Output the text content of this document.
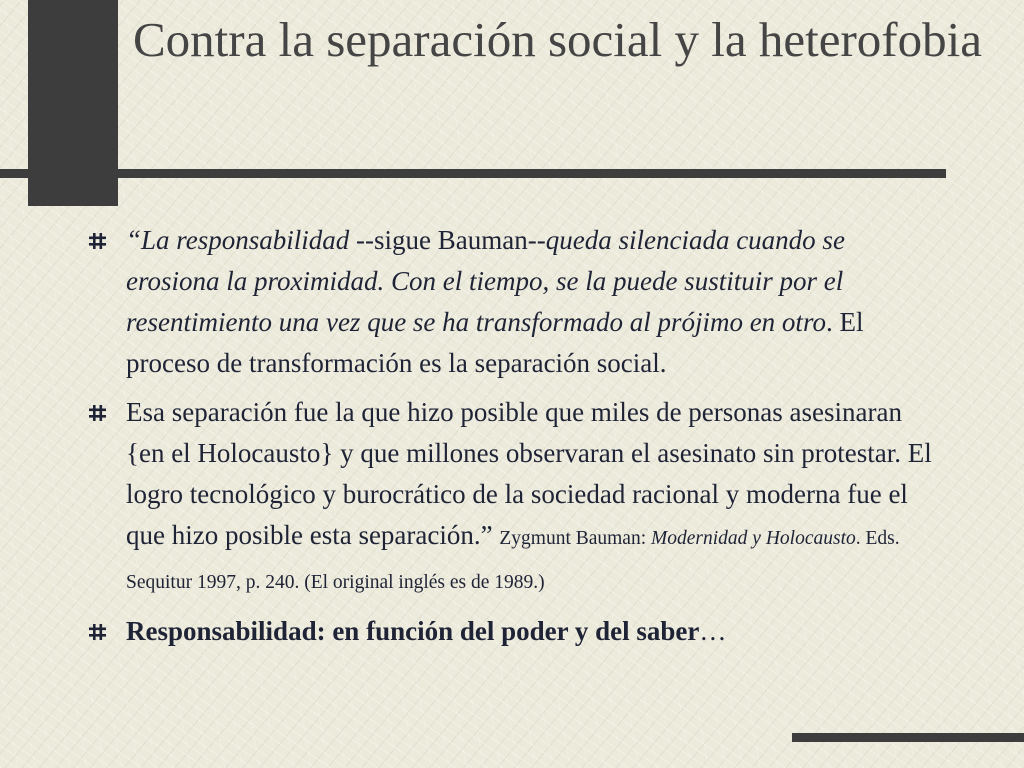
Contra la separación social y la heterofobia
“La responsabilidad --sigue Bauman--queda silenciada cuando se erosiona la proximidad. Con el tiempo, se la puede sustituir por el resentimiento una vez que se ha transformado al prójimo en otro. El proceso de transformación es la separación social.
Esa separación fue la que hizo posible que miles de personas asesinaran {en el Holocausto} y que millones observaran el asesinato sin protestar. El logro tecnológico y burocrático de la sociedad racional y moderna fue el que hizo posible esta separación.” Zygmunt Bauman: Modernidad y Holocausto. Eds. Sequitur 1997, p. 240. (El original inglés es de 1989.)
Responsabilidad: en función del poder y del saber…
